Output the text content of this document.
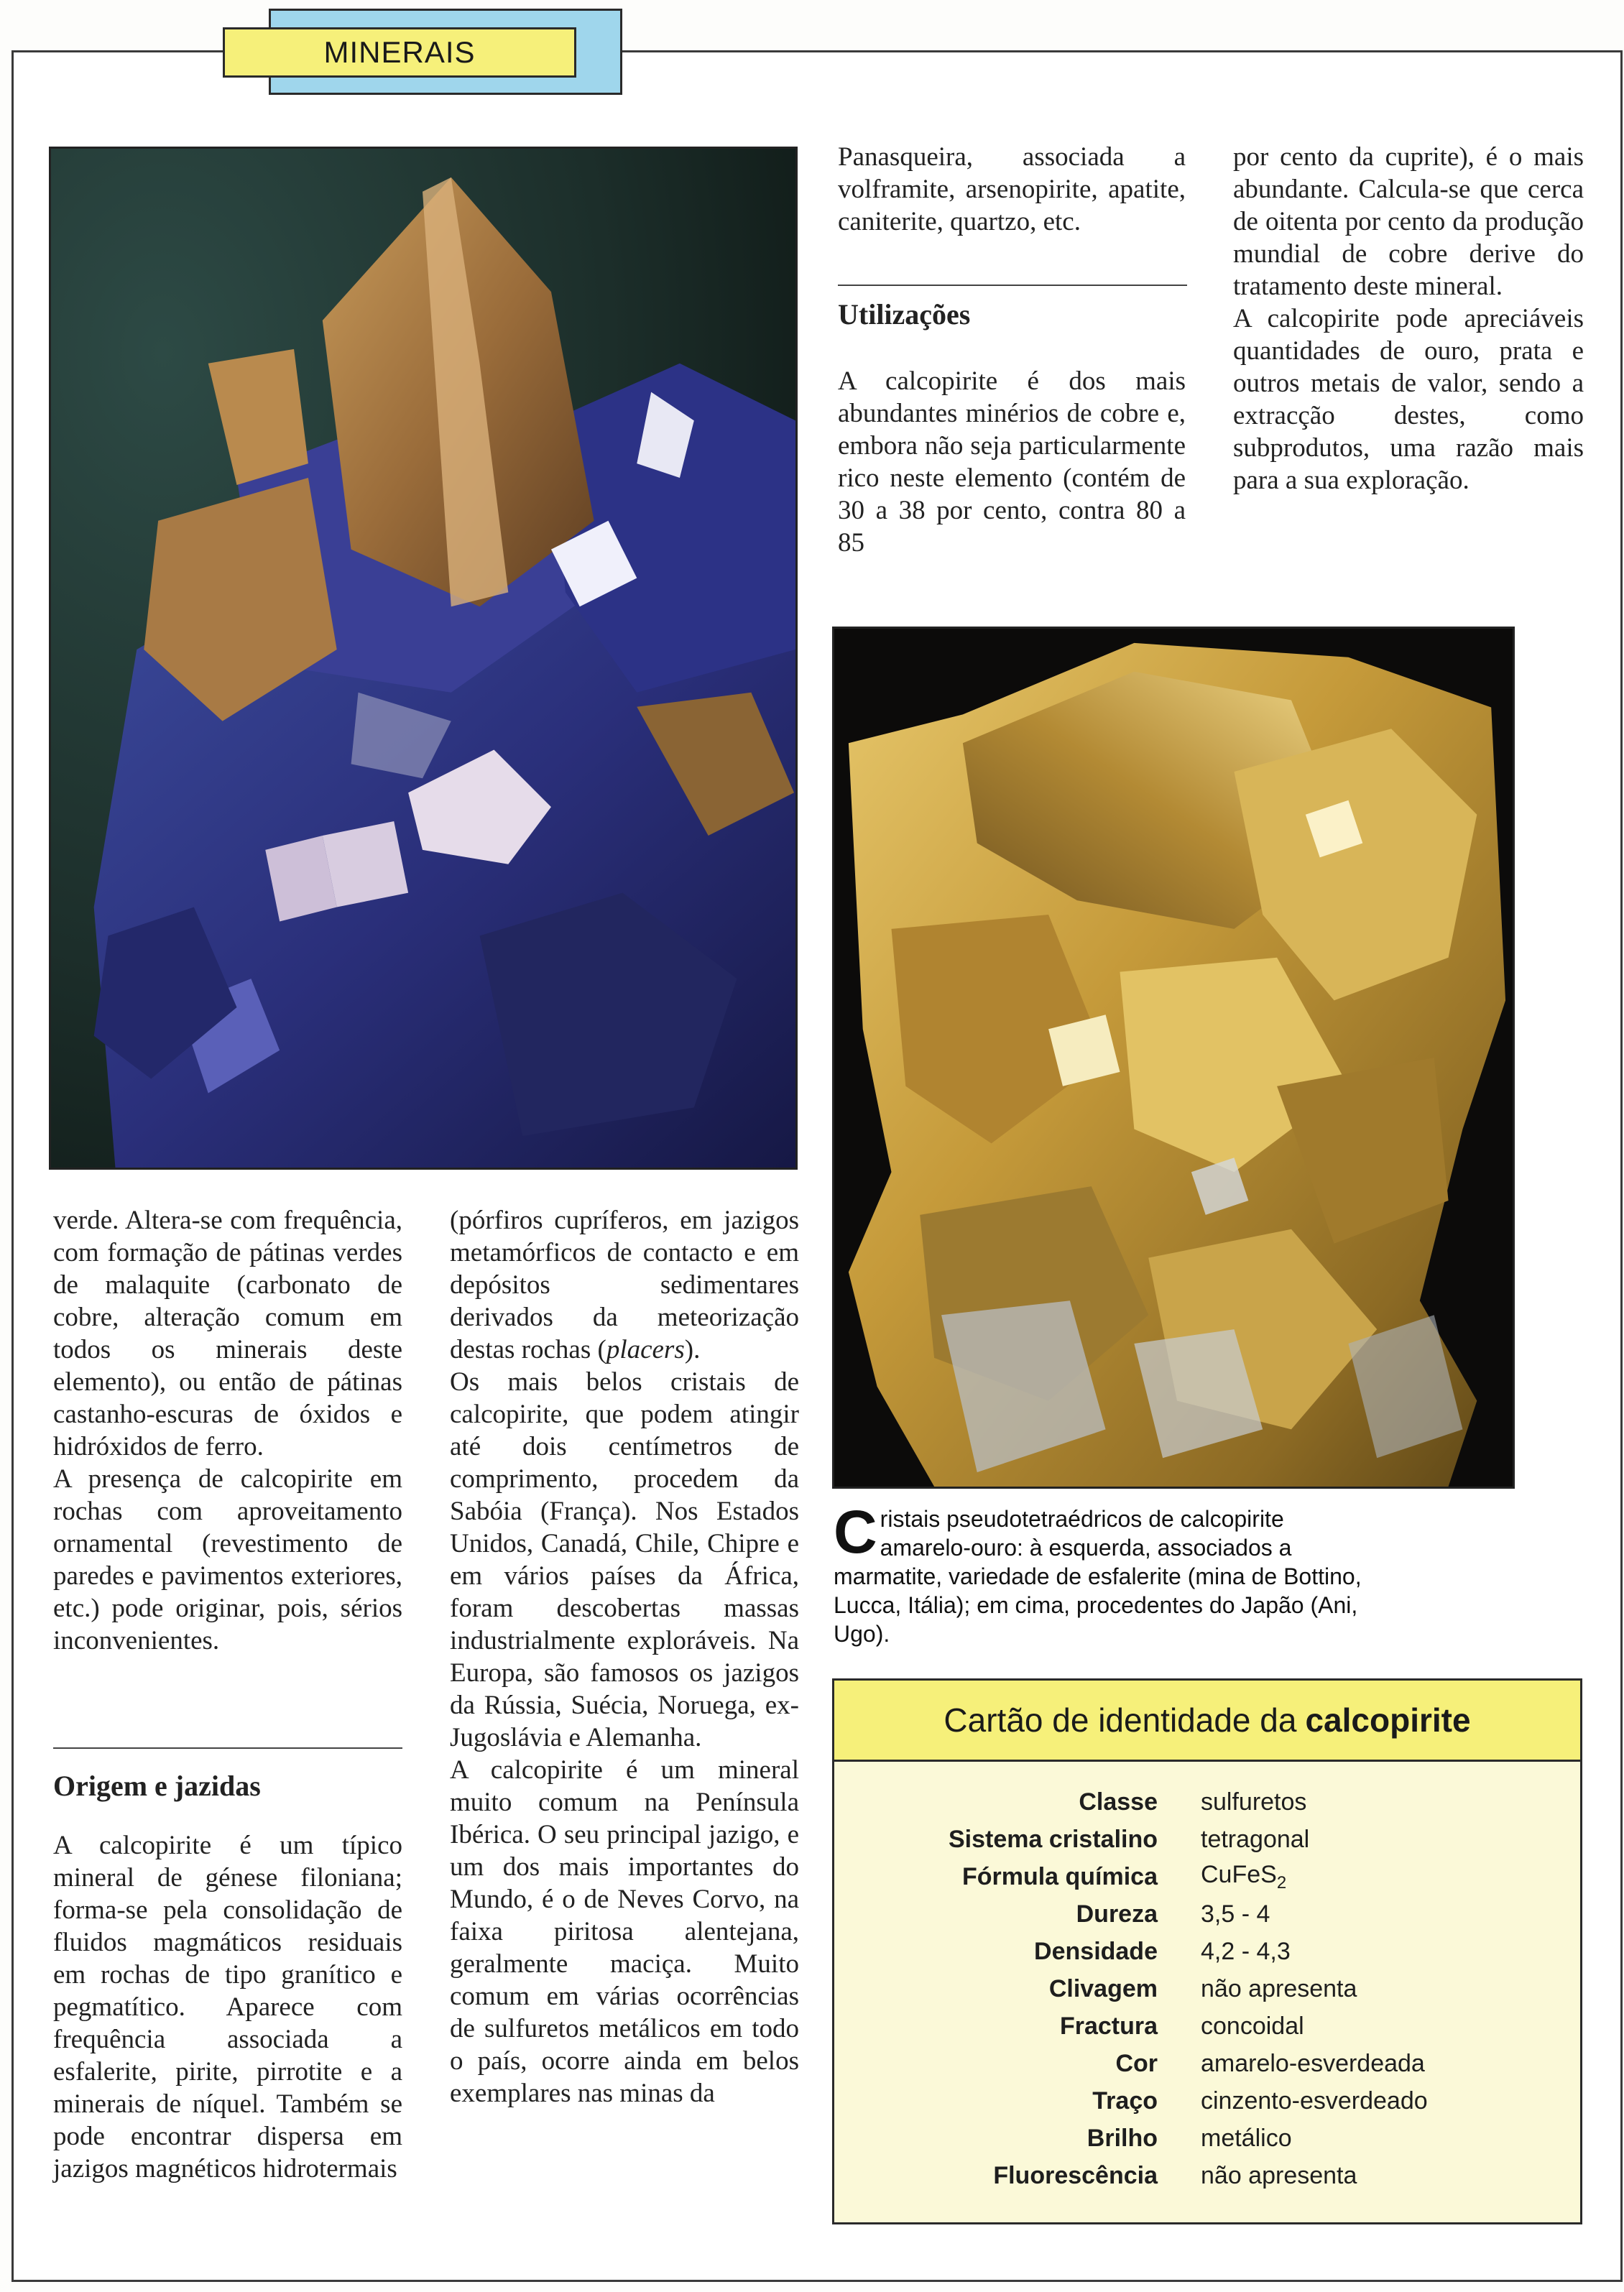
MINERAIS

Panasqueira, associada a volframite, arsenopirite, apatite, caniterite, quartzo, etc.

Utilizações

A calcopirite é dos mais abundantes minérios de cobre e, embora não seja particularmente rico neste elemento (contém de 30 a 38 por cento, contra 80 a 85

por cento da cuprite), é o mais abundante. Calcula-se que cerca de oitenta por cento da produção mundial de cobre derive do tratamento deste mineral.

A calcopirite pode apreciáveis quantidades de ouro, prata e outros metais de valor, sendo a extracção destes, como subprodutos, uma razão mais para a sua exploração.

verde. Altera-se com frequência, com formação de pátinas verdes de malaquite (carbonato de cobre, alteração comum em todos os minerais deste elemento), ou então de pátinas castanho-escuras de óxidos e hidróxidos de ferro.

A presença de calcopirite em rochas com aproveitamento ornamental (revestimento de paredes e pavimentos exteriores, etc.) pode originar, pois, sérios inconvenientes.

Origem e jazidas

A calcopirite é um típico mineral de génese filoniana; forma-se pela consolidação de fluidos magmáticos residuais em rochas de tipo granítico e pegmatítico. Aparece com frequência associada a esfalerite, pirite, pirrotite e a minerais de níquel. Também se pode encontrar dispersa em jazigos magnéticos hidrotermais

(pórfiros cupríferos, em jazigos metamórficos de contacto e em depósitos sedimentares derivados da meteorização destas rochas (placers).

Os mais belos cristais de calcopirite, que podem atingir até dois centímetros de comprimento, procedem da Sabóia (França). Nos Estados Unidos, Canadá, Chile, Chipre e em vários países da África, foram descobertas massas industrialmente exploráveis. Na Europa, são famosos os jazigos da Rússia, Suécia, Noruega, ex-Jugoslávia e Alemanha.

A calcopirite é um mineral muito comum na Península Ibérica. O seu principal jazigo, e um dos mais importantes do Mundo, é o de Neves Corvo, na faixa piritosa alentejana, geralmente maciça. Muito comum em várias ocorrências de sulfuretos metálicos em todo o país, ocorre ainda em belos exemplares nas minas da

Cristais pseudotetraédricos de calcopirite amarelo-ouro: à esquerda, associados a marmatite, variedade de esfalerite (mina de Bottino, Lucca, Itália); em cima, procedentes do Japão (Ani, Ugo).
Cartão de identidade da calcopirite
Classe	sulfuretos
Sistema cristalino	tetragonal
Fórmula química	CuFeS$_2$
Dureza	3,5 - 4
Densidade	4,2 - 4,3
Clivagem	não apresenta
Fractura	concoidal
Cor	amarelo-esverdeada
Traço	cinzento-esverdeado
Brilho	metálico
Fluorescência	não apresenta
